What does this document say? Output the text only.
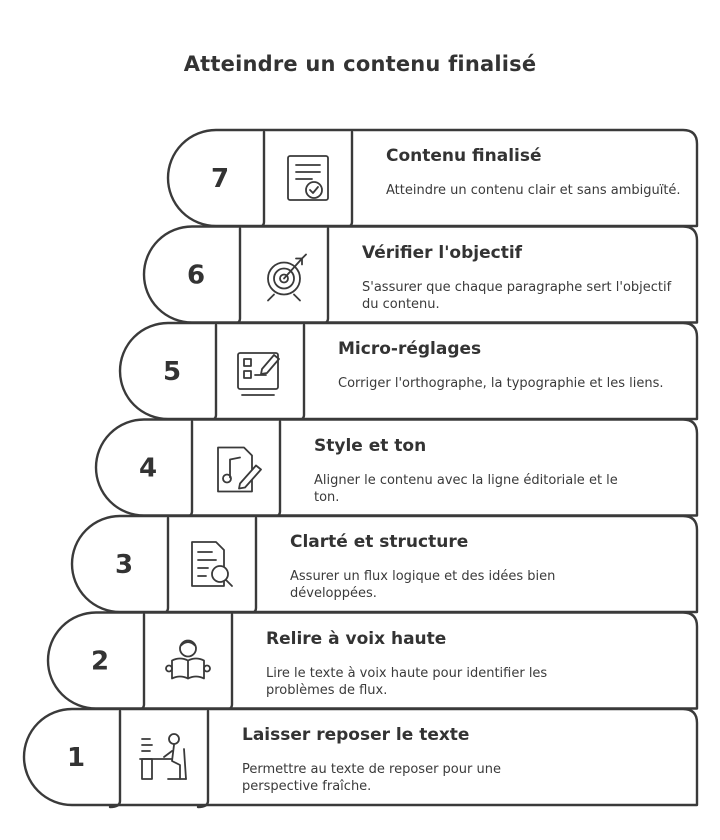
Atteindre un contenu finalisé
7
6
5
4
3
2
1
Contenu finalisé
Atteindre un contenu clair et sans ambiguïté.
Vérifier l'objectif
S'assurer que chaque paragraphe sert l'objectif du contenu.
Micro-réglages
Corriger l'orthographe, la typographie et les liens.
Style et ton
Aligner le contenu avec la ligne éditoriale et le ton.
Clarté et structure
Assurer un flux logique et des idées bien développées.
Relire à voix haute
Lire le texte à voix haute pour identifier les problèmes de flux.
Laisser reposer le texte
Permettre au texte de reposer pour une perspective fraîche.
